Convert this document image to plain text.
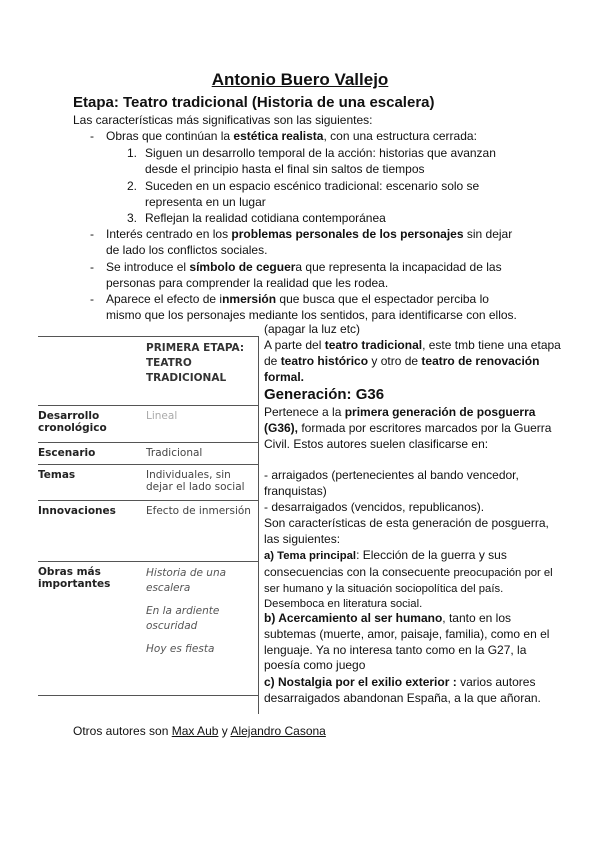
Antonio Buero Vallejo
Etapa: Teatro tradicional (Historia de una escalera)
Las características más significativas son las siguientes:
- Obras que continúan la estética realista, con una estructura cerrada:
1. Siguen un desarrollo temporal de la acción: historias que avanzan desde el principio hasta el final sin saltos de tiempos
2. Suceden en un espacio escénico tradicional: escenario solo se representa en un lugar
3. Reflejan la realidad cotidiana contemporánea
- Interés centrado en los problemas personales de los personajes sin dejar de lado los conflictos sociales.
- Se introduce el símbolo de ceguera que representa la incapacidad de las personas para comprender la realidad que les rodea.
- Aparece el efecto de inmersión que busca que el espectador perciba lo mismo que los personajes mediante los sentidos, para identificarse con ellos.
(apagar la luz etc)
	PRIMERA ETAPA: TEATRO TRADICIONAL
Desarrollo cronológico	Lineal
Escenario	Tradicional
Temas	Individuales, sin dejar el lado social
Innovaciones	Efecto de inmersión
Obras más importantes	Historia de una escalera
En la ardiente oscuridad
Hoy es fiesta
A parte del teatro tradicional, este tmb tiene una etapa de teatro histórico y otro de teatro de renovación formal.
Generación: G36
Pertenece a la primera generación de posguerra (G36), formada por escritores marcados por la Guerra Civil. Estos autores suelen clasificarse en:
- arraigados (pertenecientes al bando vencedor, franquistas)
- desarraigados (vencidos, republicanos).
Son características de esta generación de posguerra, las siguientes:
a) Tema principal: Elección de la guerra y sus consecuencias con la consecuente preocupación por el ser humano y la situación sociopolítica del país. Desemboca en literatura social.
b) Acercamiento al ser humano, tanto en los subtemas (muerte, amor, paisaje, familia), como en el lenguaje. Ya no interesa tanto como en la G27, la poesía como juego
c) Nostalgia por el exilio exterior : varios autores desarraigados abandonan España, a la que añoran.
Otros autores son Max Aub y Alejandro Casona
